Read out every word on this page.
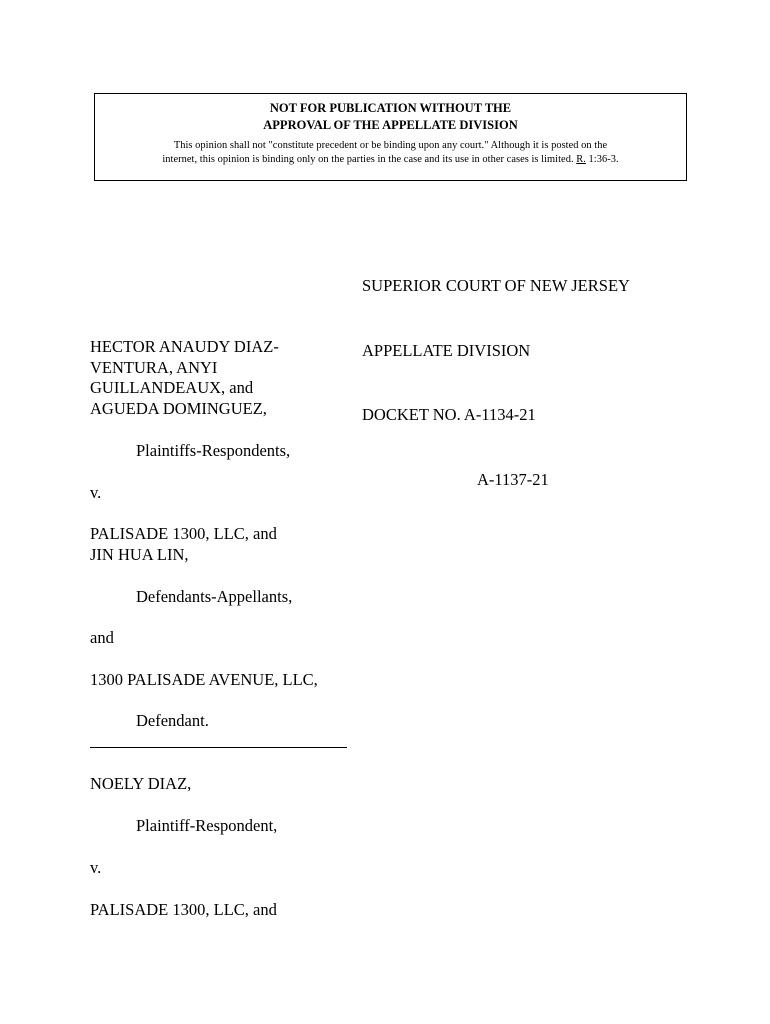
NOT FOR PUBLICATION WITHOUT THE
APPROVAL OF THE APPELLATE DIVISION
This opinion shall not "constitute precedent or be binding upon any court." Although it is posted on the
internet, this opinion is binding only on the parties in the case and its use in other cases is limited. R. 1:36-3.

SUPERIOR COURT OF NEW JERSEY

APPELLATE DIVISION

DOCKET NO. A-1134-21

A-1137-21

HECTOR ANAUDY DIAZ-
VENTURA, ANYI
GUILLANDEAUX, and
AGUEDA DOMINGUEZ,
Plaintiffs-Respondents,
v.
PALISADE 1300, LLC, and
JIN HUA LIN,
Defendants-Appellants,
and
1300 PALISADE AVENUE, LLC,
Defendant.
NOELY DIAZ,
Plaintiff-Respondent,
v.
PALISADE 1300, LLC, and
